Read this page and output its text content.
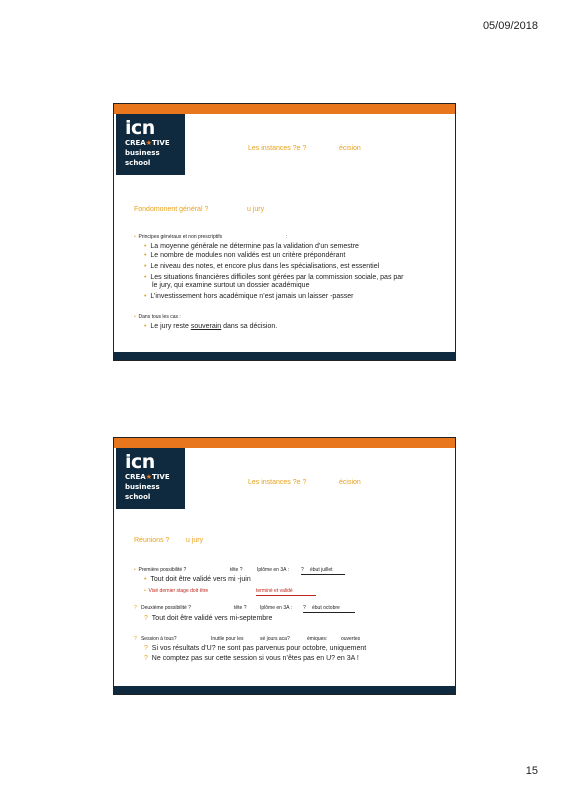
05/09/2018
icn
CREA★TIVE
business
school
Les instances ?e ?	écision
Fondomonent général ?	u jury
•  Principes généraux et non prescriptifs	:
•  La moyenne générale ne détermine pas la validation d’un semestre
•  Le nombre de modules non validés est un critère prépondérant
•  Le niveau des notes, et encore plus dans les spécialisations, est essentiel
•  Les situations financières difficiles sont gérées par la commission sociale, pas par
le jury, qui examine surtout un dossier académique
•  L’investissement hors académique n’est jamais un laisser -passer
•  Dans tous les cas :
•  Le jury reste souverain dans sa décision.
icn
CREA★TIVE
business
school
Les instances ?e ?	écision
Réunions ? u jury
•  Première possibilité ?	tête ?	Iplôme en 3A : ? ébut juillet
•  Tout doit être validé vers mi -juin
•  Visé dernier stage doit être	terminé et validé
? Deuxième possibilité ?	tête ?	Iplôme en 3A : ? ébut octobre
? Tout doit être validé vers mi-septembre
? Session à tous?	Inutile pour les	sé jours aca?	émiques:	ouvertes
? Si vos résultats d’U? ne sont pas parvenus pour octobre, uniquement
? Ne comptez pas sur cette session si vous n’êtes pas en U? en 3A !
15
